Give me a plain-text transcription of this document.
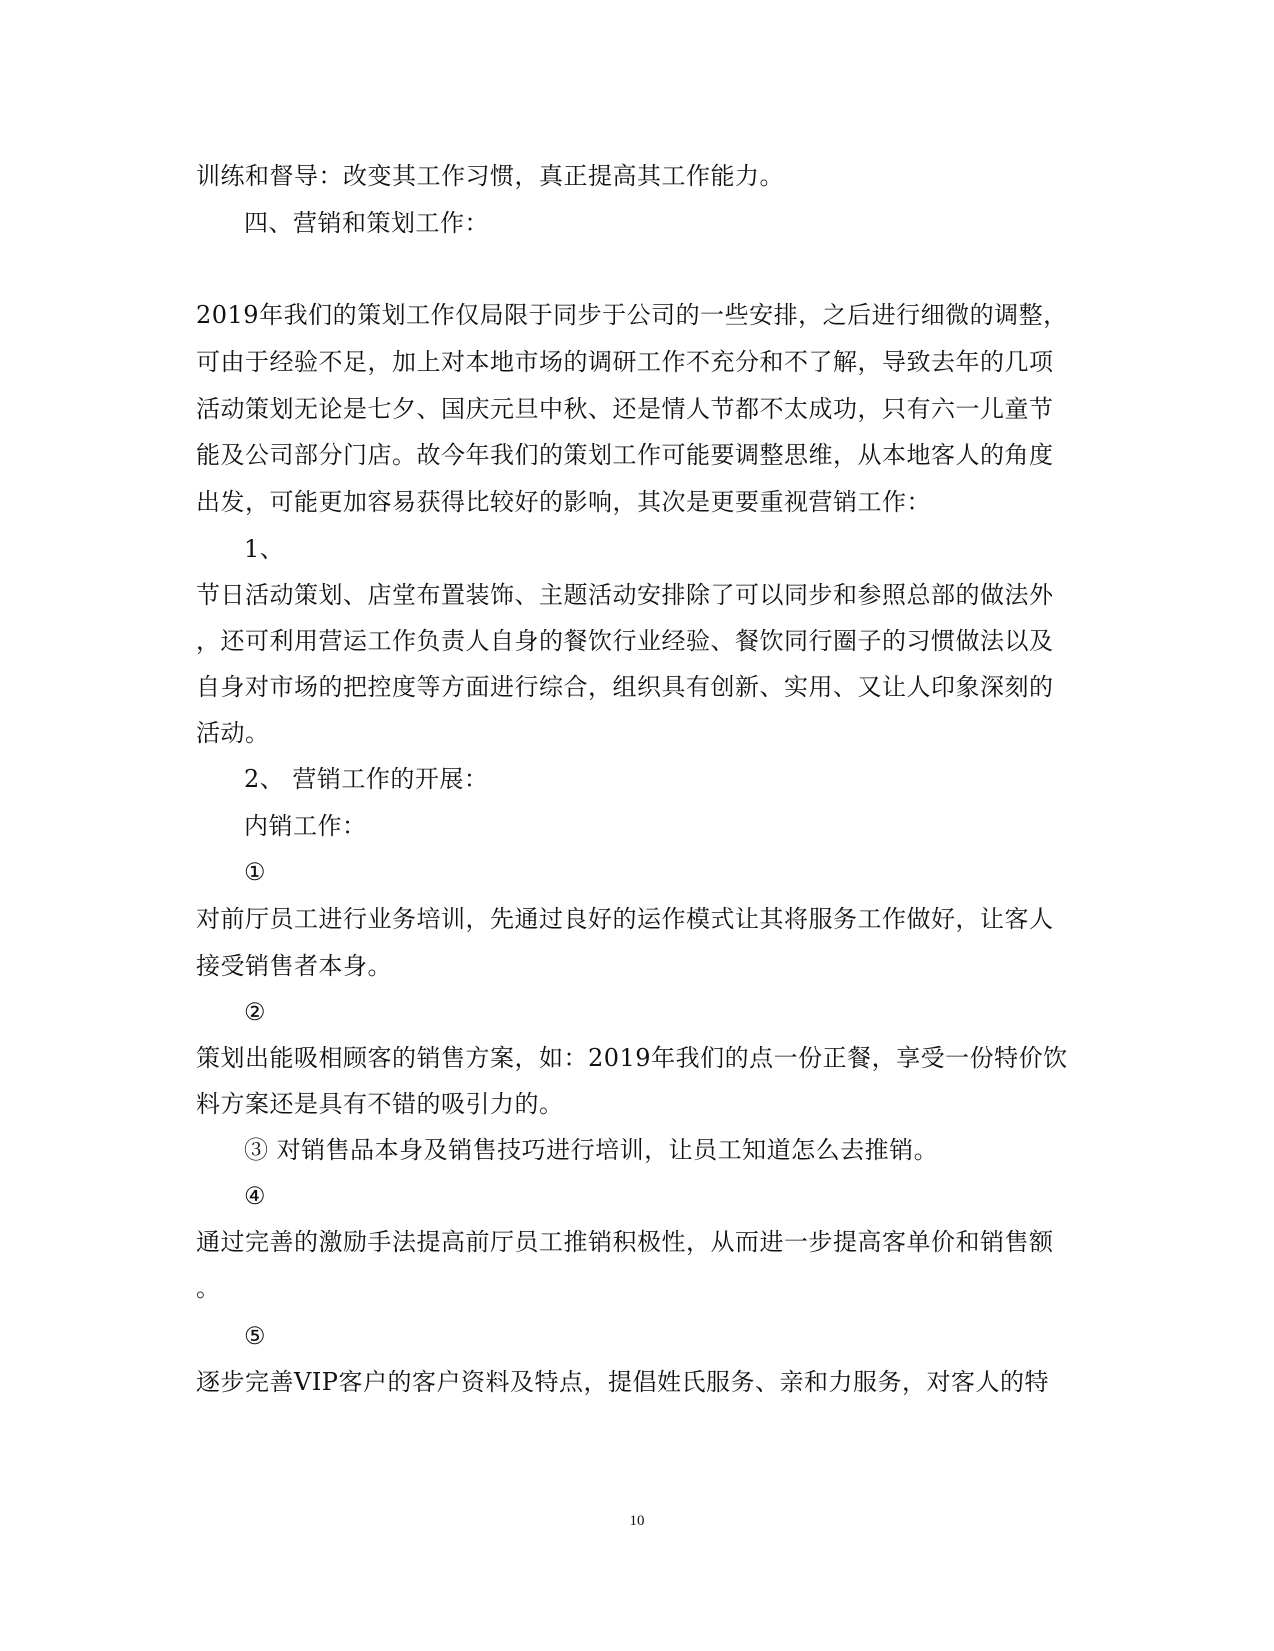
训练和督导：改变其工作习惯，真正提高其工作能力。
四、营销和策划工作：
2019年我们的策划工作仅局限于同步于公司的一些安排，之后进行细微的调整，
可由于经验不足，加上对本地市场的调研工作不充分和不了解，导致去年的几项
活动策划无论是七夕、国庆元旦中秋、还是情人节都不太成功，只有六一儿童节
能及公司部分门店。故今年我们的策划工作可能要调整思维，从本地客人的角度
出发，可能更加容易获得比较好的影响，其次是更要重视营销工作：
1、
节日活动策划、店堂布置装饰、主题活动安排除了可以同步和参照总部的做法外
，还可利用营运工作负责人自身的餐饮行业经验、餐饮同行圈子的习惯做法以及
自身对市场的把控度等方面进行综合，组织具有创新、实用、又让人印象深刻的
活动。
2、 营销工作的开展：
内销工作：
①
对前厅员工进行业务培训，先通过良好的运作模式让其将服务工作做好，让客人
接受销售者本身。
②
策划出能吸相顾客的销售方案，如：2019年我们的点一份正餐，享受一份特价饮
料方案还是具有不错的吸引力的。
③ 对销售品本身及销售技巧进行培训，让员工知道怎么去推销。
④
通过完善的激励手法提高前厅员工推销积极性，从而进一步提高客单价和销售额
。
⑤
逐步完善VIP客户的客户资料及特点，提倡姓氏服务、亲和力服务，对客人的特
10
